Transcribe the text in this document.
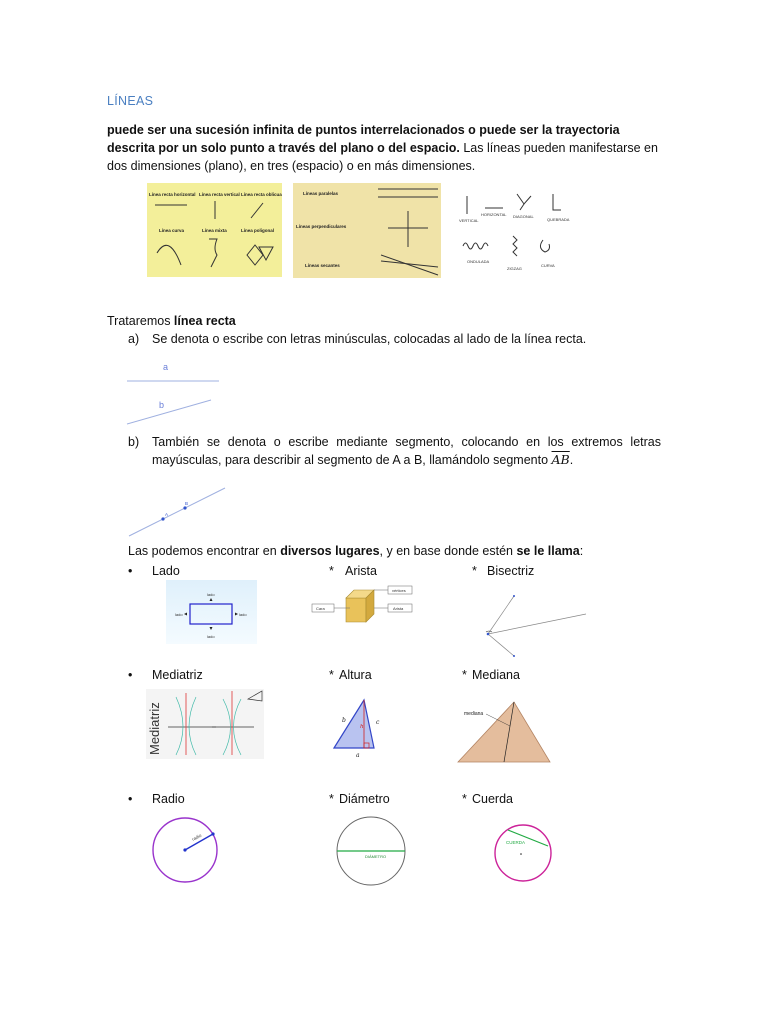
LÍNEAS
puede ser una sucesión infinita de puntos interrelacionados o puede ser la trayectoria descrita por un solo punto a través del plano o del espacio. Las líneas pueden manifestarse en dos dimensiones (plano), en tres (espacio) o en más dimensiones.
Línea recta horizontal Línea recta vertical Línea recta oblicua
Línea curva	Línea mixta	Línea poligonal
Líneas paralelas
Líneas perpendiculares
Líneas secantes
VERTICAL
HORIZONTAL DIAGONAL
QUEBRADA
ONDULADA
ZIGZAG
CURVA
Trataremos línea recta
a) Se denota o escribe con letras minúsculas, colocadas al lado de la línea recta.
a
b
b) También se denota o escribe mediante segmento, colocando en los extremos letras mayúsculas, para describir al segmento de A a B, llamándolo segmento $\overline{AB}$.
A
B
Las podemos encontrar en diversos lugares, y en base donde estén se le llama:
• Lado	* Arista	* Bisectriz
lado
lado
lado	lado
Cara
vértices
Arista
• Mediatriz	* Altura	* Mediana
Mediatriz	b	c
h
a
mediana
• Radio	* Diámetro	* Cuerda
radio
DIÁMETRO
CUERDA
